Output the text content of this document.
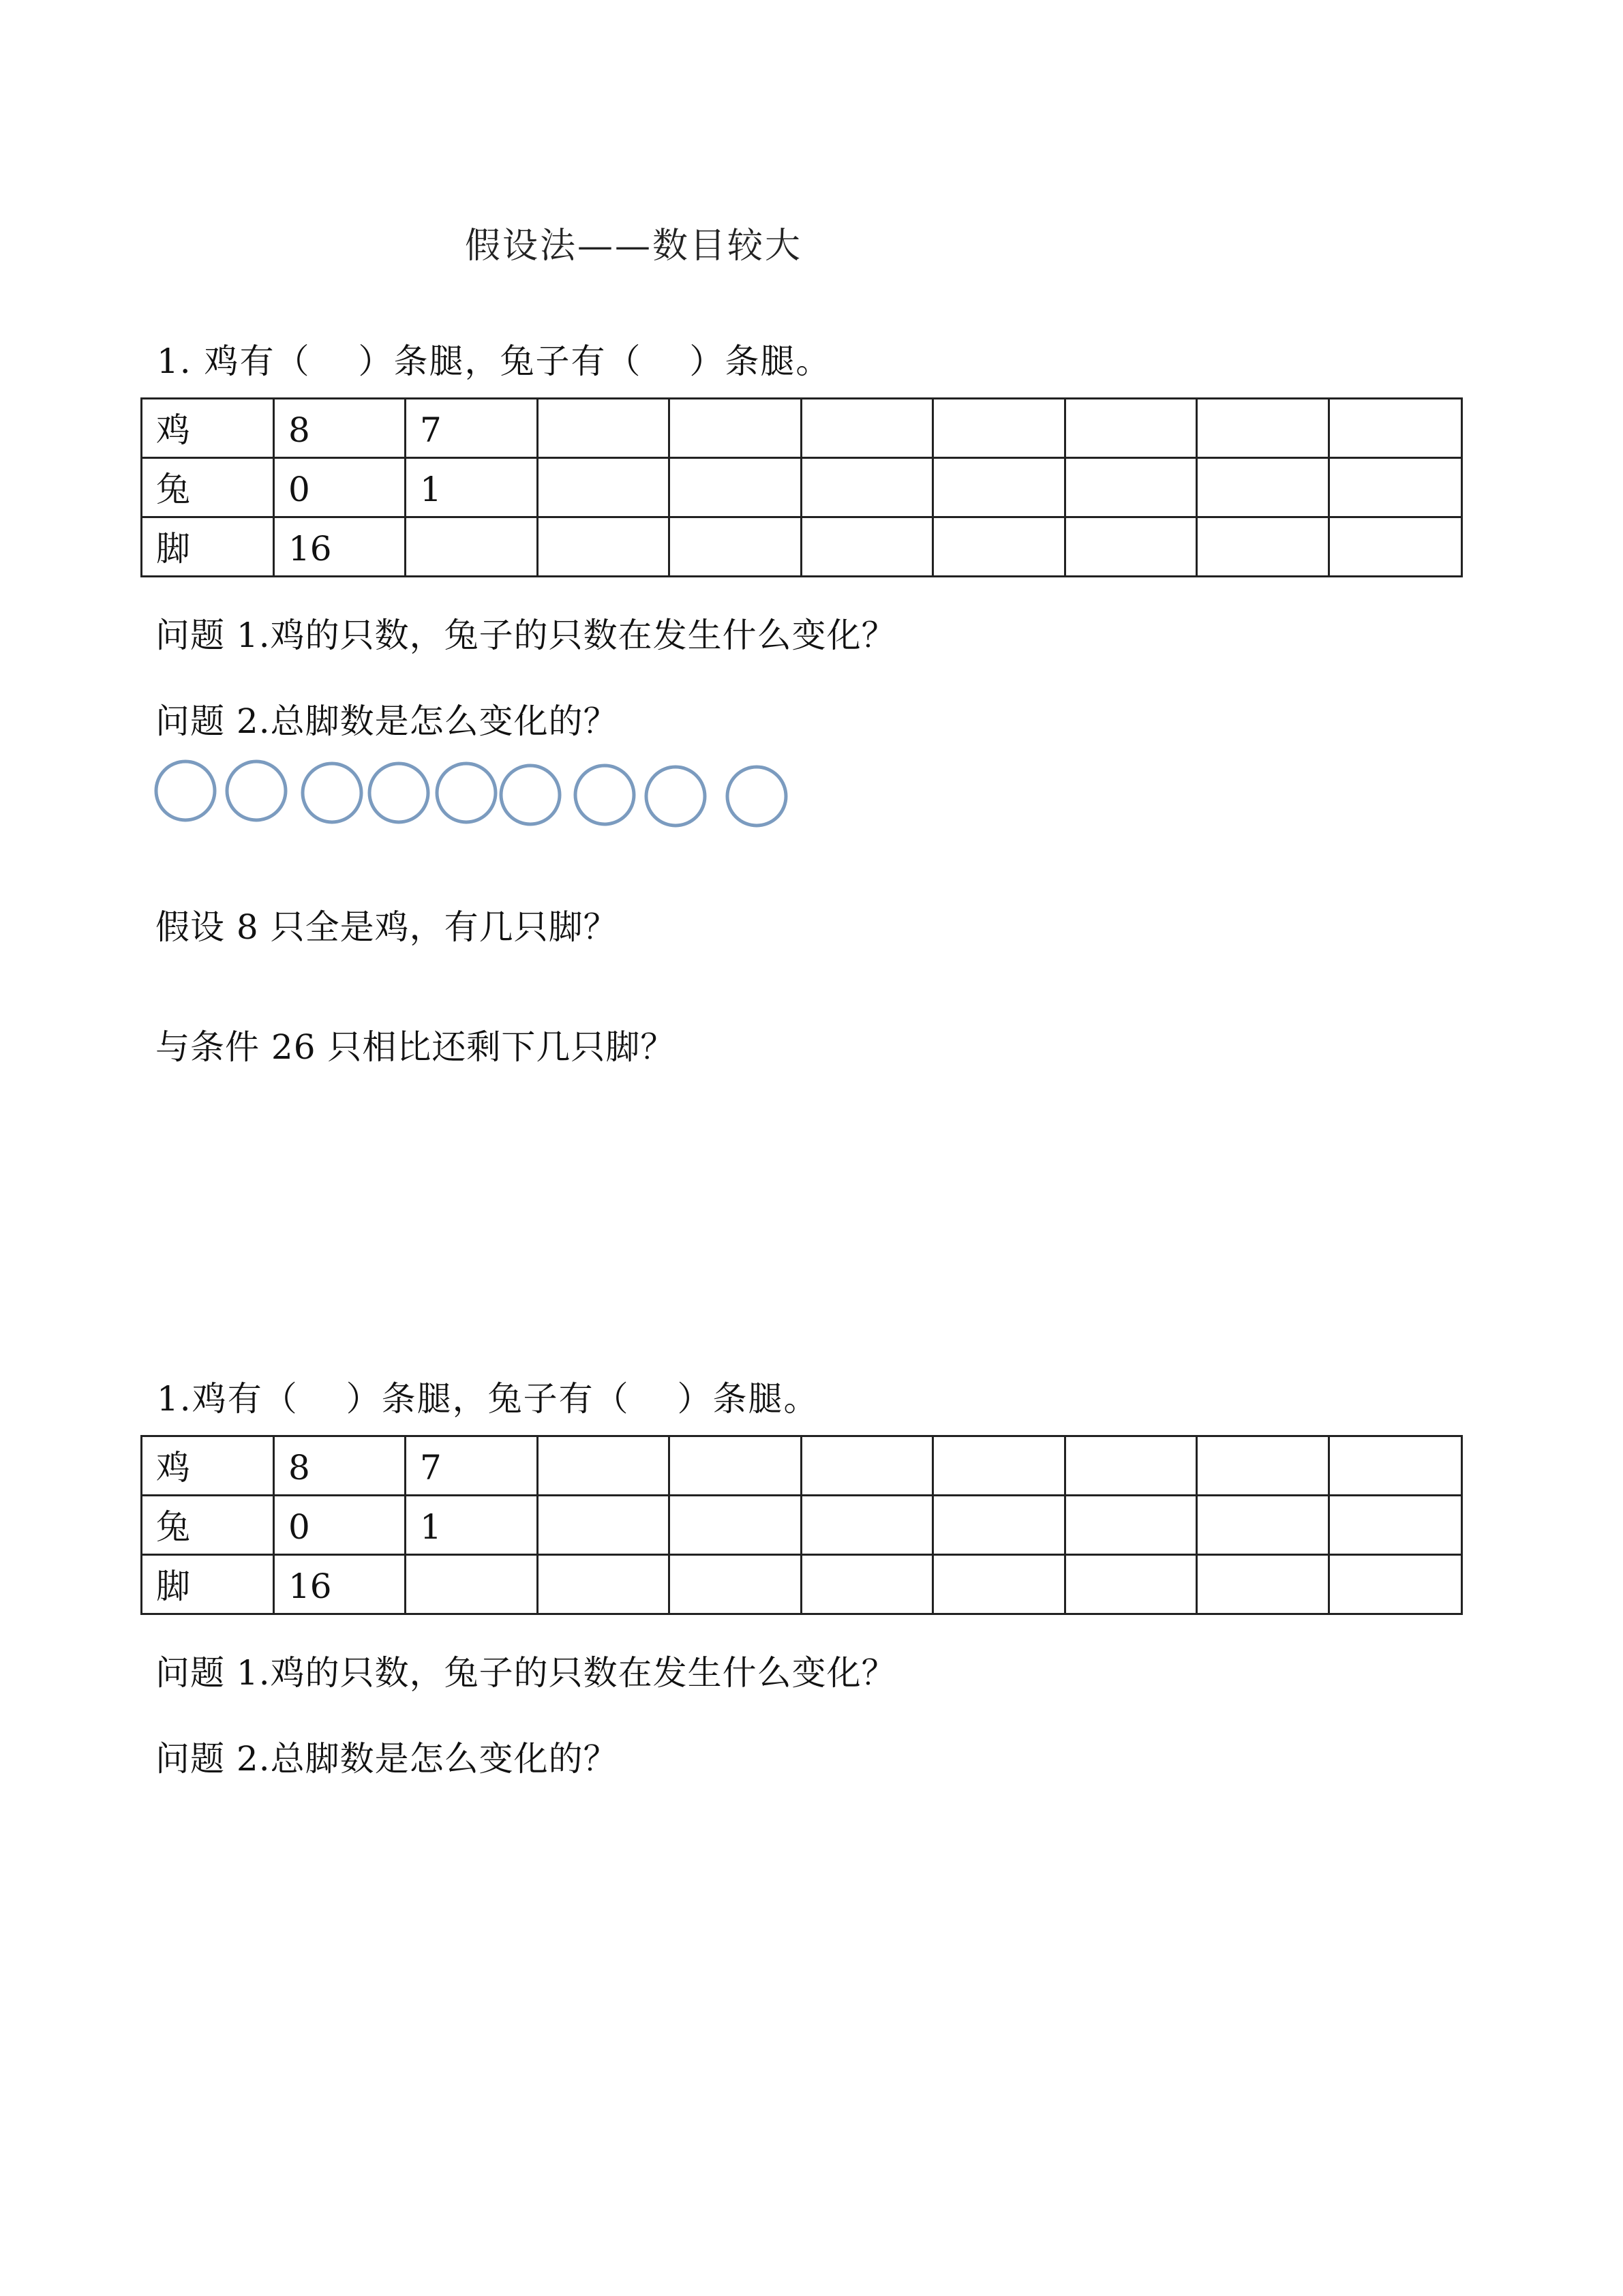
假设法——数目较大
1. 鸡有（　 ）条腿，兔子有（　 ）条腿。
鸡	8	7							
兔	0	1							
脚	16								
问题 1.鸡的只数，兔子的只数在发生什么变化？
问题 2.总脚数是怎么变化的？
假设 8 只全是鸡，有几只脚？
与条件 26 只相比还剩下几只脚？
1.鸡有（　 ）条腿，兔子有（　 ）条腿。
鸡	8	7							
兔	0	1							
脚	16								
问题 1.鸡的只数，兔子的只数在发生什么变化？
问题 2.总脚数是怎么变化的？
